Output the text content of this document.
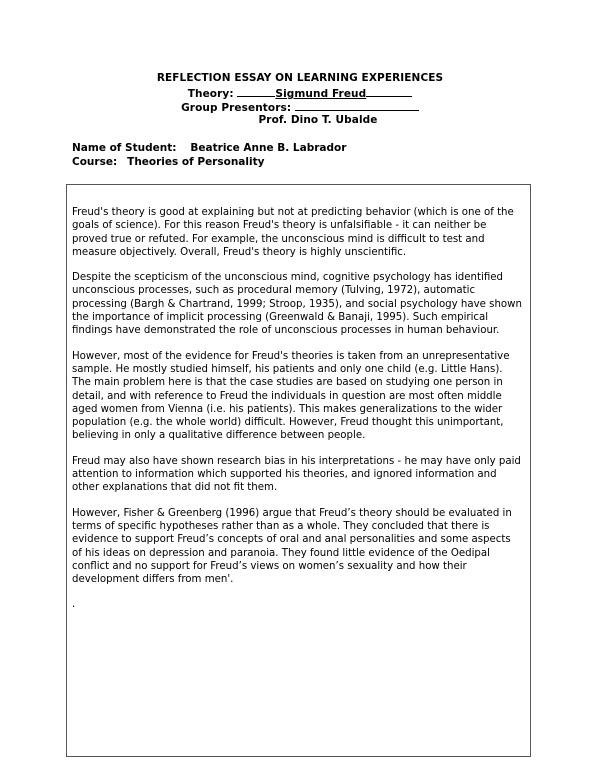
REFLECTION ESSAY ON LEARNING EXPERIENCES
Theory:	Sigmund Freud
Group Presentors:
Prof. Dino T. Ubalde
Name of Student: Beatrice Anne B. Labrador
Course: Theories of Personality

Freud's theory is good at explaining but not at predicting behavior (which is one of the goals of science). For this reason Freud's theory is unfalsifiable - it can neither be proved true or refuted. For example, the unconscious mind is difficult to test and measure objectively. Overall, Freud's theory is highly unscientific.

Despite the scepticism of the unconscious mind, cognitive psychology has identified unconscious processes, such as procedural memory (Tulving, 1972), automatic processing (Bargh & Chartrand, 1999; Stroop, 1935), and social psychology have shown the importance of implicit processing (Greenwald & Banaji, 1995). Such empirical findings have demonstrated the role of unconscious processes in human behaviour.

However, most of the evidence for Freud's theories is taken from an unrepresentative sample. He mostly studied himself, his patients and only one child (e.g. Little Hans). The main problem here is that the case studies are based on studying one person in detail, and with reference to Freud the individuals in question are most often middle aged women from Vienna (i.e. his patients). This makes generalizations to the wider population (e.g. the whole world) difficult. However, Freud thought this unimportant, believing in only a qualitative difference between people.

Freud may also have shown research bias in his interpretations - he may have only paid attention to information which supported his theories, and ignored information and other explanations that did not fit them.

However, Fisher & Greenberg (1996) argue that Freud’s theory should be evaluated in terms of specific hypotheses rather than as a whole. They concluded that there is evidence to support Freud’s concepts of oral and anal personalities and some aspects of his ideas on depression and paranoia. They found little evidence of the Oedipal conflict and no support for Freud’s views on women’s sexuality and how their development differs from men'.

.
